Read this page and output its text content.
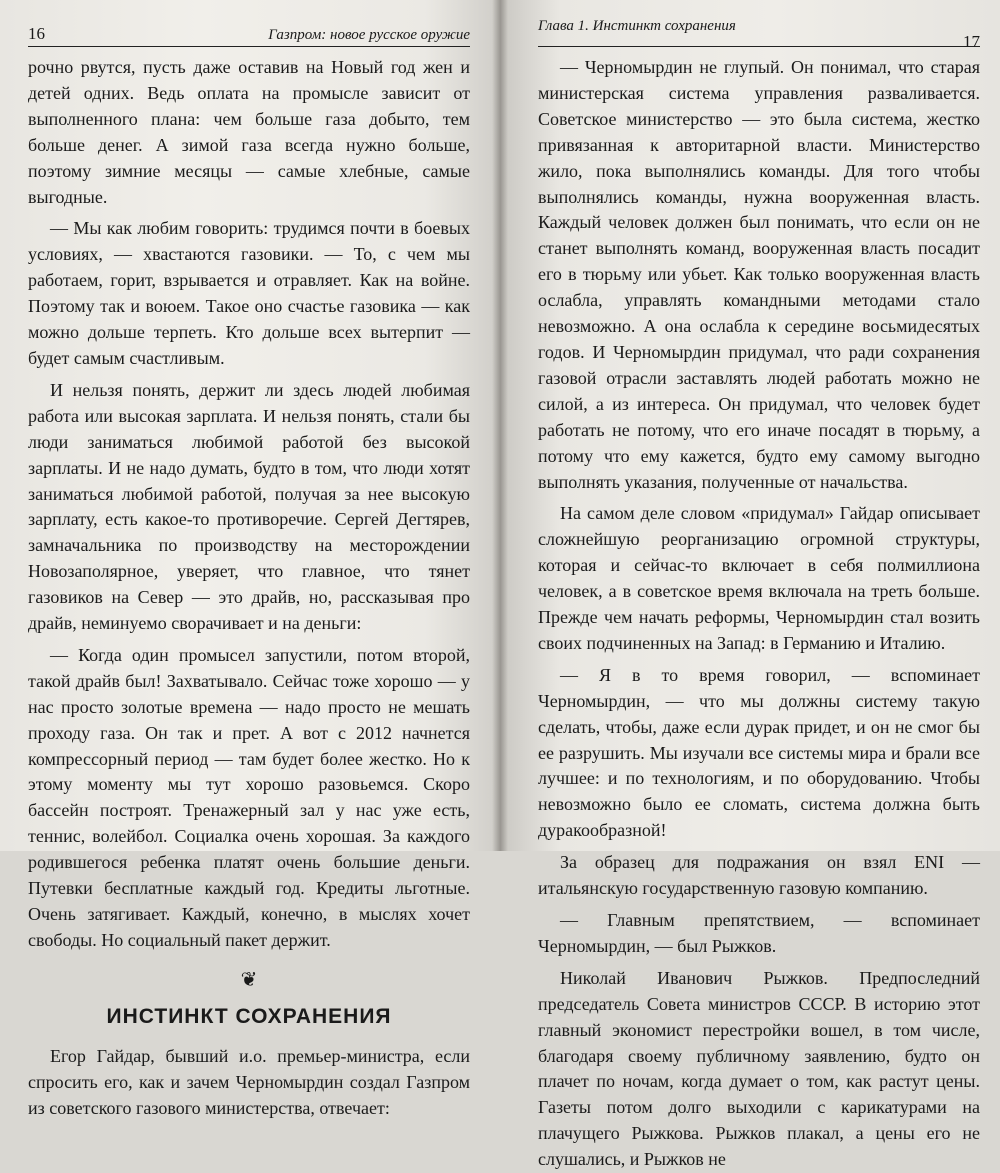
16	Газпром: новое русское оружие

рочно рвутся, пусть даже оставив на Новый год жен и детей одних. Ведь оплата на промысле зависит от выполненного плана: чем больше газа добыто, тем больше денег. А зимой газа всегда нужно больше, поэтому зимние месяцы — самые хлебные, самые выгодные.

— Мы как любим говорить: трудимся почти в боевых условиях, — хвастаются газовики. — То, с чем мы работаем, горит, взрывается и отравляет. Как на войне. Поэтому так и воюем. Такое оно счастье газовика — как можно дольше терпеть. Кто дольше всех вытерпит — будет самым счастливым.

И нельзя понять, держит ли здесь людей любимая работа или высокая зарплата. И нельзя понять, стали бы люди заниматься любимой работой без высокой зарплаты. И не надо думать, будто в том, что люди хотят заниматься любимой работой, получая за нее высокую зарплату, есть какое-то противоречие. Сергей Дегтярев, замначальника по производству на месторождении Новозаполярное, уверяет, что главное, что тянет газовиков на Север — это драйв, но, рассказывая про драйв, неминуемо сворачивает и на деньги:

— Когда один промысел запустили, потом второй, такой драйв был! Захватывало. Сейчас тоже хорошо — у нас просто золотые времена — надо просто не мешать проходу газа. Он так и прет. А вот с 2012 начнется компрессорный период — там будет более жестко. Но к этому моменту мы тут хорошо разовьемся. Скоро бассейн построят. Тренажерный зал у нас уже есть, теннис, волейбол. Социалка очень хорошая. За каждого родившегося ребенка платят очень большие деньги. Путевки бесплатные каждый год. Кредиты льготные. Очень затягивает. Каждый, конечно, в мыслях хочет свободы. Но социальный пакет держит.

❦
ИНСТИНКТ СОХРАНЕНИЯ

Егор Гайдар, бывший и.о. премьер-министра, если спросить его, как и зачем Черномырдин создал Газпром из советского газового министерства, отвечает:

Глава 1. Инстинкт сохранения
17

— Черномырдин не глупый. Он понимал, что старая министерская система управления разваливается. Советское министерство — это была система, жестко привязанная к авторитарной власти. Министерство жило, пока выполнялись команды. Для того чтобы выполнялись команды, нужна вооруженная власть. Каждый человек должен был понимать, что если он не станет выполнять команд, вооруженная власть посадит его в тюрьму или убьет. Как только вооруженная власть ослабла, управлять командными методами стало невозможно. А она ослабла к середине восьмидесятых годов. И Черномырдин придумал, что ради сохранения газовой отрасли заставлять людей работать можно не силой, а из интереса. Он придумал, что человек будет работать не потому, что его иначе посадят в тюрьму, а потому что ему кажется, будто ему самому выгодно выполнять указания, полученные от начальства.

На самом деле словом «придумал» Гайдар описывает сложнейшую реорганизацию огромной структуры, которая и сейчас-то включает в себя полмиллиона человек, а в советское время включала на треть больше. Прежде чем начать реформы, Черномырдин стал возить своих подчиненных на Запад: в Германию и Италию.

— Я в то время говорил, — вспоминает Черномырдин, — что мы должны систему такую сделать, чтобы, даже если дурак придет, и он не смог бы ее разрушить. Мы изучали все системы мира и брали все лучшее: и по технологиям, и по оборудованию. Чтобы невозможно было ее сломать, система должна быть дуракообразной!

За образец для подражания он взял ENI — итальянскую государственную газовую компанию.

— Главным препятствием, — вспоминает Черномырдин, — был Рыжков.

Николай Иванович Рыжков. Предпоследний председатель Совета министров СССР. В историю этот главный экономист перестройки вошел, в том числе, благодаря своему публичному заявлению, будто он плачет по ночам, когда думает о том, как растут цены. Газеты потом долго выходили с карикатурами на плачущего Рыжкова. Рыжков плакал, а цены его не слушались, и Рыжков не
